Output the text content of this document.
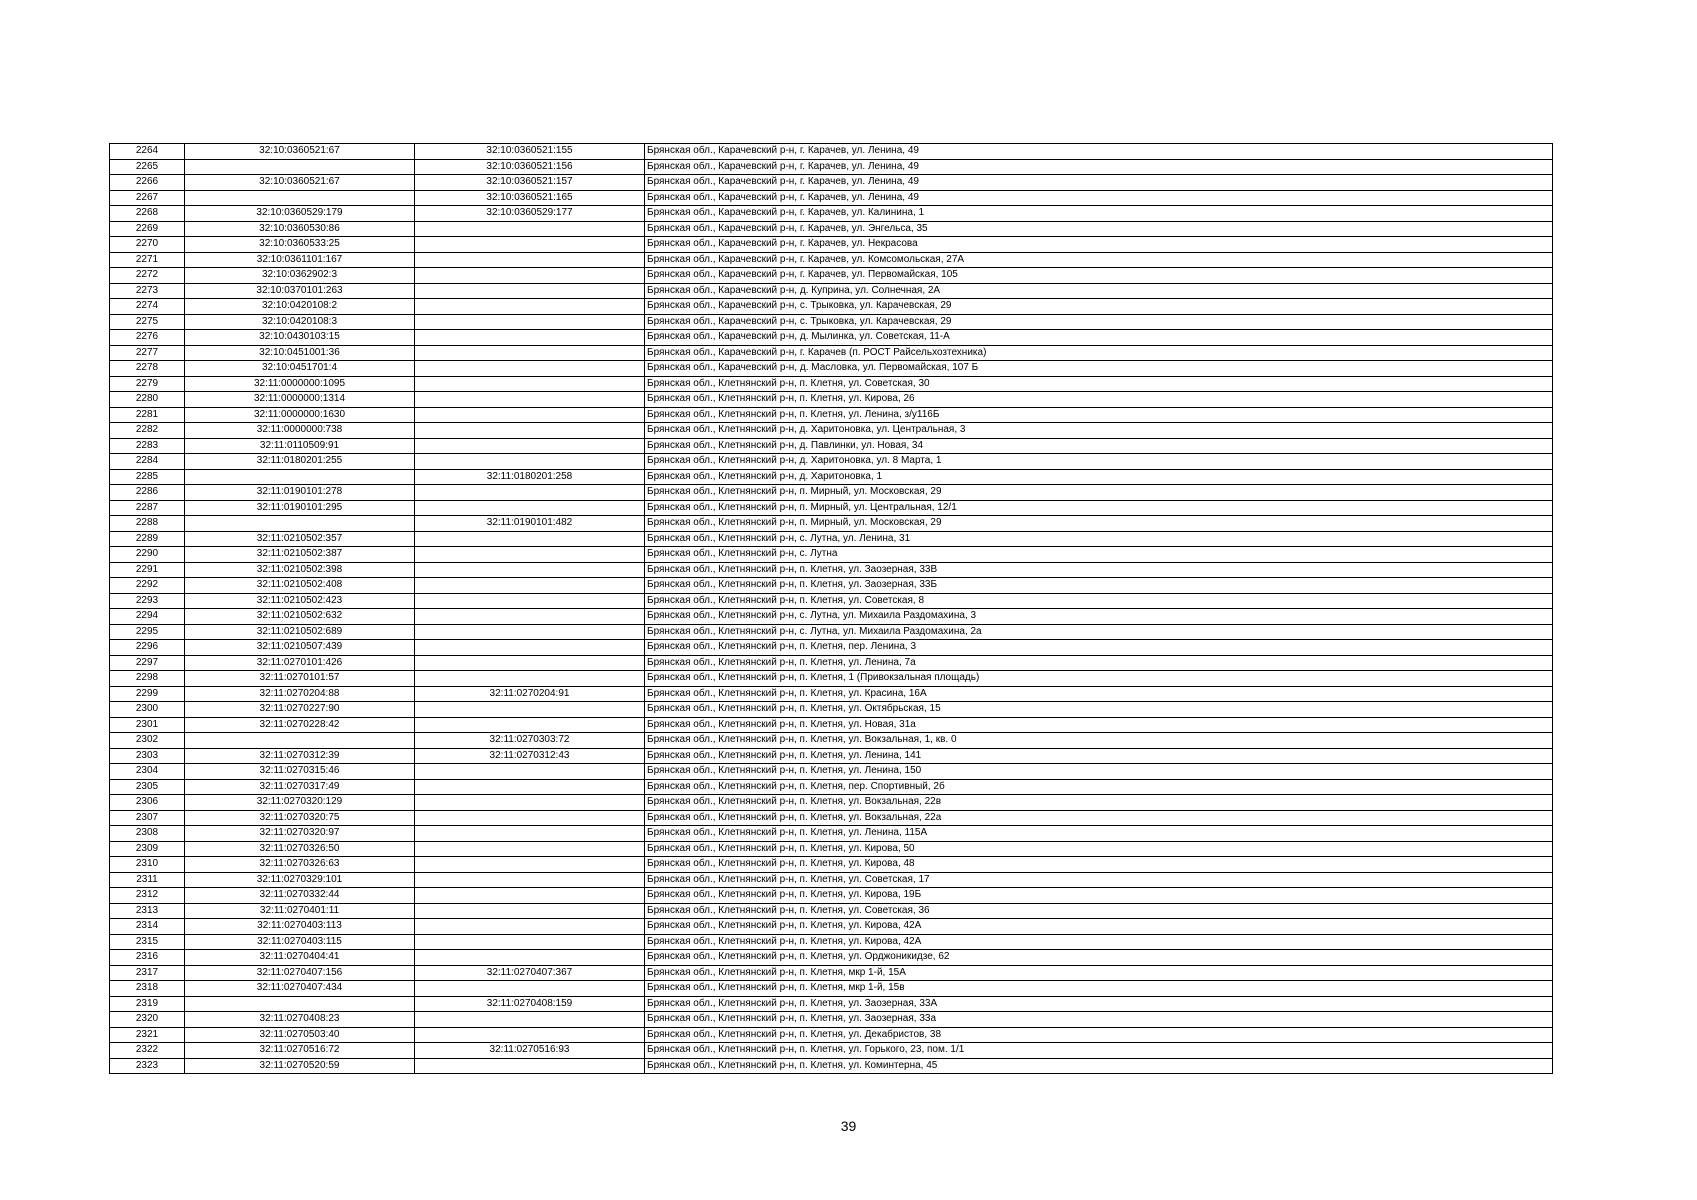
2264	32:10:0360521:67	32:10:0360521:155	Брянская обл., Карачевский р-н, г. Карачев, ул. Ленина, 49
2265		32:10:0360521:156	Брянская обл., Карачевский р-н, г. Карачев, ул. Ленина, 49
2266	32:10:0360521:67	32:10:0360521:157	Брянская обл., Карачевский р-н, г. Карачев, ул. Ленина, 49
2267		32:10:0360521:165	Брянская обл., Карачевский р-н, г. Карачев, ул. Ленина, 49
2268	32:10:0360529:179	32:10:0360529:177	Брянская обл., Карачевский р-н, г. Карачев, ул. Калинина, 1
2269	32:10:0360530:86		Брянская обл., Карачевский р-н, г. Карачев, ул. Энгельса, 35
2270	32:10:0360533:25		Брянская обл., Карачевский р-н, г. Карачев, ул. Некрасова
2271	32:10:0361101:167		Брянская обл., Карачевский р-н, г. Карачев, ул. Комсомольская, 27А
2272	32:10:0362902:3		Брянская обл., Карачевский р-н, г. Карачев, ул. Первомайская, 105
2273	32:10:0370101:263		Брянская обл., Карачевский р-н, д. Куприна, ул. Солнечная, 2А
2274	32:10:0420108:2		Брянская обл., Карачевский р-н, с. Трыковка, ул. Карачевская, 29
2275	32:10:0420108:3		Брянская обл., Карачевский р-н, с. Трыковка, ул. Карачевская, 29
2276	32:10:0430103:15		Брянская обл., Карачевский р-н, д. Мылинка, ул. Советская, 11-А
2277	32:10:0451001:36		Брянская обл., Карачевский р-н, г. Карачев (п. РОСТ Райсельхозтехника)
2278	32:10:0451701:4		Брянская обл., Карачевский р-н, д. Масловка, ул. Первомайская, 107 Б
2279	32:11:0000000:1095		Брянская обл., Клетнянский р-н, п. Клетня, ул. Советская, 30
2280	32:11:0000000:1314		Брянская обл., Клетнянский р-н, п. Клетня, ул. Кирова, 26
2281	32:11:0000000:1630		Брянская обл., Клетнянский р-н, п. Клетня, ул. Ленина, з/у116Б
2282	32:11:0000000:738		Брянская обл., Клетнянский р-н, д. Харитоновка, ул. Центральная, 3
2283	32:11:0110509:91		Брянская обл., Клетнянский р-н, д. Павлинки, ул. Новая, 34
2284	32:11:0180201:255		Брянская обл., Клетнянский р-н, д. Харитоновка, ул. 8 Марта, 1
2285		32:11:0180201:258	Брянская обл., Клетнянский р-н, д. Харитоновка, 1
2286	32:11:0190101:278		Брянская обл., Клетнянский р-н, п. Мирный, ул. Московская, 29
2287	32:11:0190101:295		Брянская обл., Клетнянский р-н, п. Мирный, ул. Центральная, 12/1
2288		32:11:0190101:482	Брянская обл., Клетнянский р-н, п. Мирный, ул. Московская, 29
2289	32:11:0210502:357		Брянская обл., Клетнянский р-н, с. Лутна, ул. Ленина, 31
2290	32:11:0210502:387		Брянская обл., Клетнянский р-н, с. Лутна
2291	32:11:0210502:398		Брянская обл., Клетнянский р-н, п. Клетня, ул. Заозерная, 33В
2292	32:11:0210502:408		Брянская обл., Клетнянский р-н, п. Клетня, ул. Заозерная, 33Б
2293	32:11:0210502:423		Брянская обл., Клетнянский р-н, п. Клетня, ул. Советская, 8
2294	32:11:0210502:632		Брянская обл., Клетнянский р-н, с. Лутна, ул. Михаила Раздомахина, 3
2295	32:11:0210502:689		Брянская обл., Клетнянский р-н, с. Лутна, ул. Михаила Раздомахина, 2а
2296	32:11:0210507:439		Брянская обл., Клетнянский р-н, п. Клетня, пер. Ленина, 3
2297	32:11:0270101:426		Брянская обл., Клетнянский р-н, п. Клетня, ул. Ленина, 7а
2298	32:11:0270101:57		Брянская обл., Клетнянский р-н, п. Клетня, 1 (Привокзальная площадь)
2299	32:11:0270204:88	32:11:0270204:91	Брянская обл., Клетнянский р-н, п. Клетня, ул. Красина, 16А
2300	32:11:0270227:90		Брянская обл., Клетнянский р-н, п. Клетня, ул. Октябрьская, 15
2301	32:11:0270228:42		Брянская обл., Клетнянский р-н, п. Клетня, ул. Новая, 31а
2302		32:11:0270303:72	Брянская обл., Клетнянский р-н, п. Клетня, ул. Вокзальная, 1, кв. 0
2303	32:11:0270312:39	32:11:0270312:43	Брянская обл., Клетнянский р-н, п. Клетня, ул. Ленина, 141
2304	32:11:0270315:46		Брянская обл., Клетнянский р-н, п. Клетня, ул. Ленина, 150
2305	32:11:0270317:49		Брянская обл., Клетнянский р-н, п. Клетня, пер. Спортивный, 2б
2306	32:11:0270320:129		Брянская обл., Клетнянский р-н, п. Клетня, ул. Вокзальная, 22в
2307	32:11:0270320:75		Брянская обл., Клетнянский р-н, п. Клетня, ул. Вокзальная, 22а
2308	32:11:0270320:97		Брянская обл., Клетнянский р-н, п. Клетня, ул. Ленина, 115А
2309	32:11:0270326:50		Брянская обл., Клетнянский р-н, п. Клетня, ул. Кирова, 50
2310	32:11:0270326:63		Брянская обл., Клетнянский р-н, п. Клетня, ул. Кирова, 48
2311	32:11:0270329:101		Брянская обл., Клетнянский р-н, п. Клетня, ул. Советская, 17
2312	32:11:0270332:44		Брянская обл., Клетнянский р-н, п. Клетня, ул. Кирова, 19Б
2313	32:11:0270401:11		Брянская обл., Клетнянский р-н, п. Клетня, ул. Советская, 36
2314	32:11:0270403:113		Брянская обл., Клетнянский р-н, п. Клетня, ул. Кирова, 42А
2315	32:11:0270403:115		Брянская обл., Клетнянский р-н, п. Клетня, ул. Кирова, 42А
2316	32:11:0270404:41		Брянская обл., Клетнянский р-н, п. Клетня, ул. Орджоникидзе, 62
2317	32:11:0270407:156	32:11:0270407:367	Брянская обл., Клетнянский р-н, п. Клетня, мкр 1-й, 15А
2318	32:11:0270407:434		Брянская обл., Клетнянский р-н, п. Клетня, мкр 1-й, 15в
2319		32:11:0270408:159	Брянская обл., Клетнянский р-н, п. Клетня, ул. Заозерная, 33А
2320	32:11:0270408:23		Брянская обл., Клетнянский р-н, п. Клетня, ул. Заозерная, 33а
2321	32:11:0270503:40		Брянская обл., Клетнянский р-н, п. Клетня, ул. Декабристов, 38
2322	32:11:0270516:72	32:11:0270516:93	Брянская обл., Клетнянский р-н, п. Клетня, ул. Горького, 23, пом. 1/1
2323	32:11:0270520:59		Брянская обл., Клетнянский р-н, п. Клетня, ул. Коминтерна, 45
39
